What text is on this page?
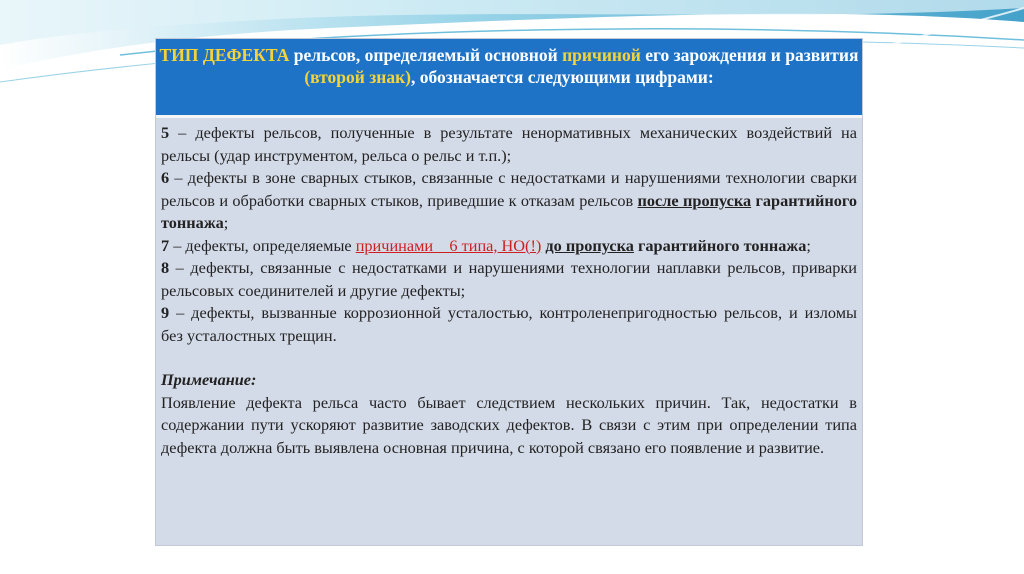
ТИП ДЕФЕКТА рельсов, определяемый основной причиной его зарождения и развития (второй знак), обозначается следующими цифрами:

5 – дефекты рельсов, полученные в результате ненормативных механических воздействий на рельсы (удар инструментом, рельса о рельс и т.п.);

6 – дефекты в зоне сварных стыков, связанные с недостатками и нарушениями технологии сварки рельсов и обработки сварных стыков, приведшие к отказам рельсов после пропуска гарантийного тоннажа;

7 – дефекты, определяемые причинами    6 типа, НО(!) до пропуска гарантийного тоннажа;

8 – дефекты, связанные с недостатками и нарушениями технологии наплавки рельсов, приварки рельсовых соединителей и другие дефекты;

9 – дефекты, вызванные коррозионной усталостью, контроленепригодностью рельсов, и изломы без усталостных трещин.

Примечание:

Появление дефекта рельса часто бывает следствием нескольких причин. Так, недостатки в содержании пути ускоряют развитие заводских дефектов. В связи с этим при определении типа дефекта должна быть выявлена основная причина, с которой связано его появление и развитие.
